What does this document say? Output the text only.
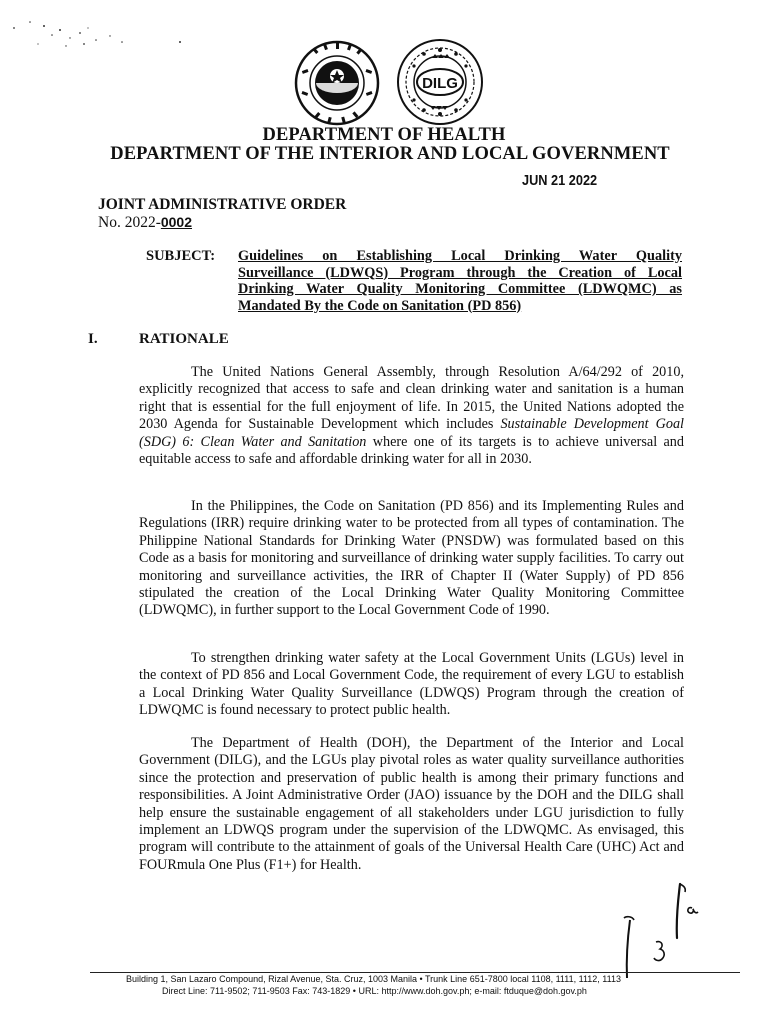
DILG
DEPARTMENT OF HEALTH
DEPARTMENT OF THE INTERIOR AND LOCAL GOVERNMENT
JUN 21 2022
JOINT ADMINISTRATIVE ORDER
No. 2022-0002
SUBJECT: Guidelines on Establishing Local Drinking Water Quality
Surveillance (LDWQS) Program through the Creation of Local
Drinking Water Quality Monitoring Committee (LDWQMC) as
Mandated By the Code on Sanitation (PD 856)
I.	RATIONALE
The United Nations General Assembly, through Resolution A/64/292 of 2010, explicitly recognized that access to safe and clean drinking water and sanitation is a human right that is essential for the full enjoyment of life. In 2015, the United Nations adopted the 2030 Agenda for Sustainable Development which includes Sustainable Development Goal (SDG) 6: Clean Water and Sanitation where one of its targets is to achieve universal and equitable access to safe and affordable drinking water for all in 2030.
In the Philippines, the Code on Sanitation (PD 856) and its Implementing Rules and Regulations (IRR) require drinking water to be protected from all types of contamination. The Philippine National Standards for Drinking Water (PNSDW) was formulated based on this Code as a basis for monitoring and surveillance of drinking water supply facilities. To carry out monitoring and surveillance activities, the IRR of Chapter II (Water Supply) of PD 856 stipulated the creation of the Local Drinking Water Quality Monitoring Committee (LDWQMC), in further support to the Local Government Code of 1990.
To strengthen drinking water safety at the Local Government Units (LGUs) level in the context of PD 856 and Local Government Code, the requirement of every LGU to establish a Local Drinking Water Quality Surveillance (LDWQS) Program through the creation of LDWQMC is found necessary to protect public health.
The Department of Health (DOH), the Department of the Interior and Local Government (DILG), and the LGUs play pivotal roles as water quality surveillance authorities since the protection and preservation of public health is among their primary functions and responsibilities. A Joint Administrative Order (JAO) issuance by the DOH and the DILG shall help ensure the sustainable engagement of all stakeholders under LGU jurisdiction to fully implement an LDWQS program under the supervision of the LDWQMC. As envisaged, this program will contribute to the attainment of goals of the Universal Health Care (UHC) Act and FOURmula One Plus (F1+) for Health.
Building 1, San Lazaro Compound, Rizal Avenue, Sta. Cruz, 1003 Manila • Trunk Line 651-7800 local 1108, 1111, 1112, 1113
Direct Line: 711-9502; 711-9503 Fax: 743-1829 • URL: http://www.doh.gov.ph; e-mail: ftduque@doh.gov.ph
